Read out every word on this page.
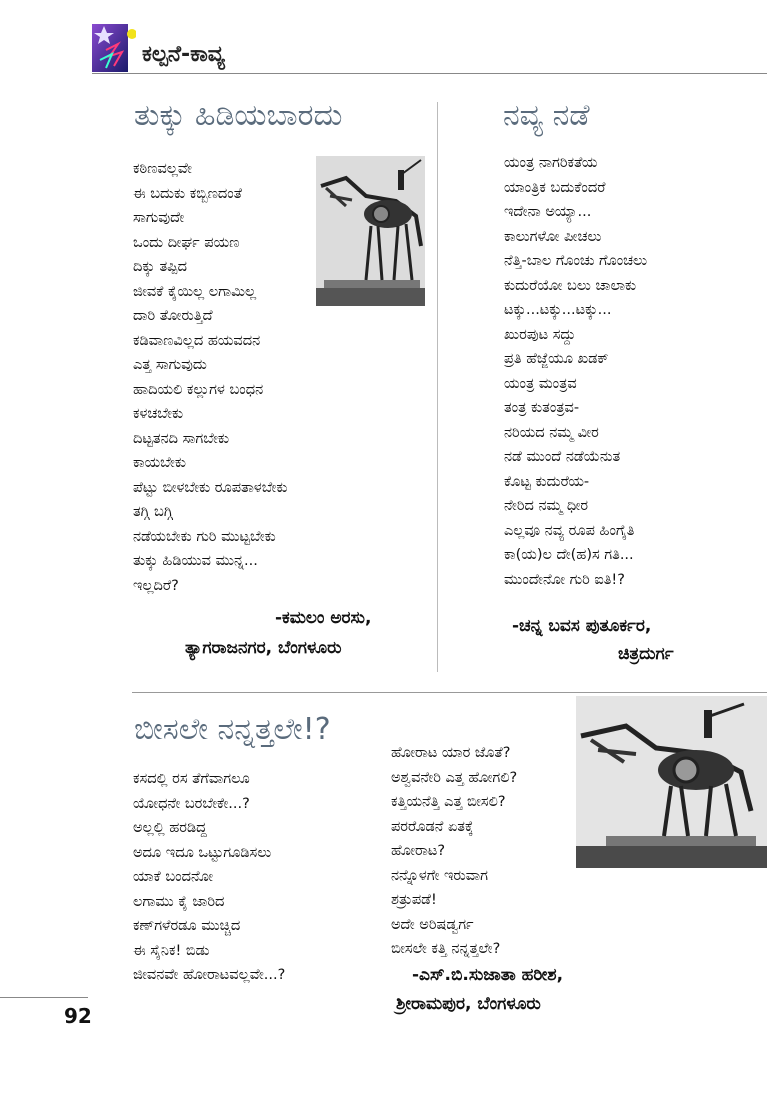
ಕಲ್ಪನೆ-ಕಾವ್ಯ
ತುಕ್ಕು ಹಿಡಿಯಬಾರದು
ಕಠಿಣವಲ್ಲವೇ
ಈ ಬದುಕು ಕಬ್ಬಿಣದಂತೆ
ಸಾಗುವುದೇ
ಒಂದು ದೀರ್ಘ ಪಯಣ
ದಿಕ್ಕು ತಪ್ಪಿದ
ಜೀವಕೆ ಕೈಯಿಲ್ಲ ಲಗಾಮಿಲ್ಲ
ದಾರಿ ತೋರುತ್ತಿದೆ
ಕಡಿವಾಣವಿಲ್ಲದ ಹಯವದನ
ಎತ್ತ ಸಾಗುವುದು
ಹಾದಿಯಲಿ ಕಲ್ಲುಗಳ ಬಂಧನ
ಕಳಚಬೇಕು
ದಿಟ್ಟತನದಿ ಸಾಗಬೇಕು
ಕಾಯಬೇಕು
ಪೆಟ್ಟು ಬೀಳಬೇಕು ರೂಪತಾಳಬೇಕು
ತಗ್ಗಿ ಬಗ್ಗಿ
ನಡೆಯಬೇಕು ಗುರಿ ಮುಟ್ಟಬೇಕು
ತುಕ್ಕು ಹಿಡಿಯುವ ಮುನ್ನ...
ಇಲ್ಲದಿರೆ?
-ಕಮಲಂ ಅರಸು,
ತ್ಯಾಗರಾಜನಗರ, ಬೆಂಗಳೂರು
ನವ್ಯ ನಡೆ
ಯಂತ್ರ ನಾಗರಿಕತೆಯ
ಯಾಂತ್ರಿಕ ಬದುಕೆಂದರೆ
ಇದೇನಾ ಅಯ್ಯಾ...
ಕಾಲುಗಳೋ ಪೀಚಲು
ನೆತ್ತಿ-ಬಾಲ ಗೊಂಚು ಗೊಂಚಲು
ಕುದುರೆಯೋ ಬಲು ಚಾಲಾಕು
ಟಕ್ಕು...ಟಕ್ಕು...ಟಕ್ಕು...
ಖುರಪುಟ ಸದ್ದು
ಪ್ರತಿ ಹೆಜ್ಜೆಯೂ ಖಡಕ್
ಯಂತ್ರ ಮಂತ್ರವ
ತಂತ್ರ ಕುತಂತ್ರವ-
ನರಿಯದ ನಮ್ಮ ವೀರ
ನಡೆ ಮುಂದೆ ನಡೆಯೆನುತ
ಕೊಟ್ಟ ಕುದುರೆಯ-
ನೇರಿದ ನಮ್ಮ ಧೀರ
ಎಲ್ಲವೂ ನವ್ಯ ರೂಪ ಹಿಂಗೈತಿ
ಕಾ(ಯ)ಲ ದೇ(ಹ)ಸ ಗತಿ...
ಮುಂದೇನೋ ಗುರಿ ಐತಿ!?
-ಚನ್ನ ಬವಸ ಪುತೂರ್ಕರ,
ಚಿತ್ರದುರ್ಗ
ಬೀಸಲೇ ನನ್ನತ್ತಲೇ!?
ಕಸದಲ್ಲಿ ರಸ ತೆಗೆವಾಗಲೂ
ಯೋಧನೇ ಬರಬೇಕೇ...?
ಅಲ್ಲಲ್ಲಿ ಹರಡಿದ್ದ
ಅದೂ ಇದೂ ಒಟ್ಟುಗೂಡಿಸಲು
ಯಾಕೆ ಬಂದನೋ
ಲಗಾಮು ಕೈ ಜಾರಿದ
ಕಣ್‌ಗಳೆರಡೂ ಮುಚ್ಚಿದ
ಈ ಸೈನಿಕ! ಬಿಡು
ಜೀವನವೇ ಹೋರಾಟವಲ್ಲವೇ...?
ಹೋರಾಟ ಯಾರ ಜೊತೆ?
ಅಶ್ವವನೇರಿ ಎತ್ತ ಹೋಗಲಿ?
ಕತ್ತಿಯನೆತ್ತಿ ಎತ್ತ ಬೀಸಲಿ?
ಪರರೊಡನೆ ಏತಕ್ಕೆ
ಹೋರಾಟ?
ನನ್ನೊಳಗೇ ಇರುವಾಗ
ಶತ್ರುಪಡೆ!
ಅದೇ ಅರಿಷಡ್ವರ್ಗ
ಬೀಸಲೇ ಕತ್ತಿ ನನ್ನತ್ತಲೇ?
-ಎಸ್.ಬಿ.ಸುಜಾತಾ ಹರೀಶ,
ಶ್ರೀರಾಮಪುರ, ಬೆಂಗಳೂರು
92
